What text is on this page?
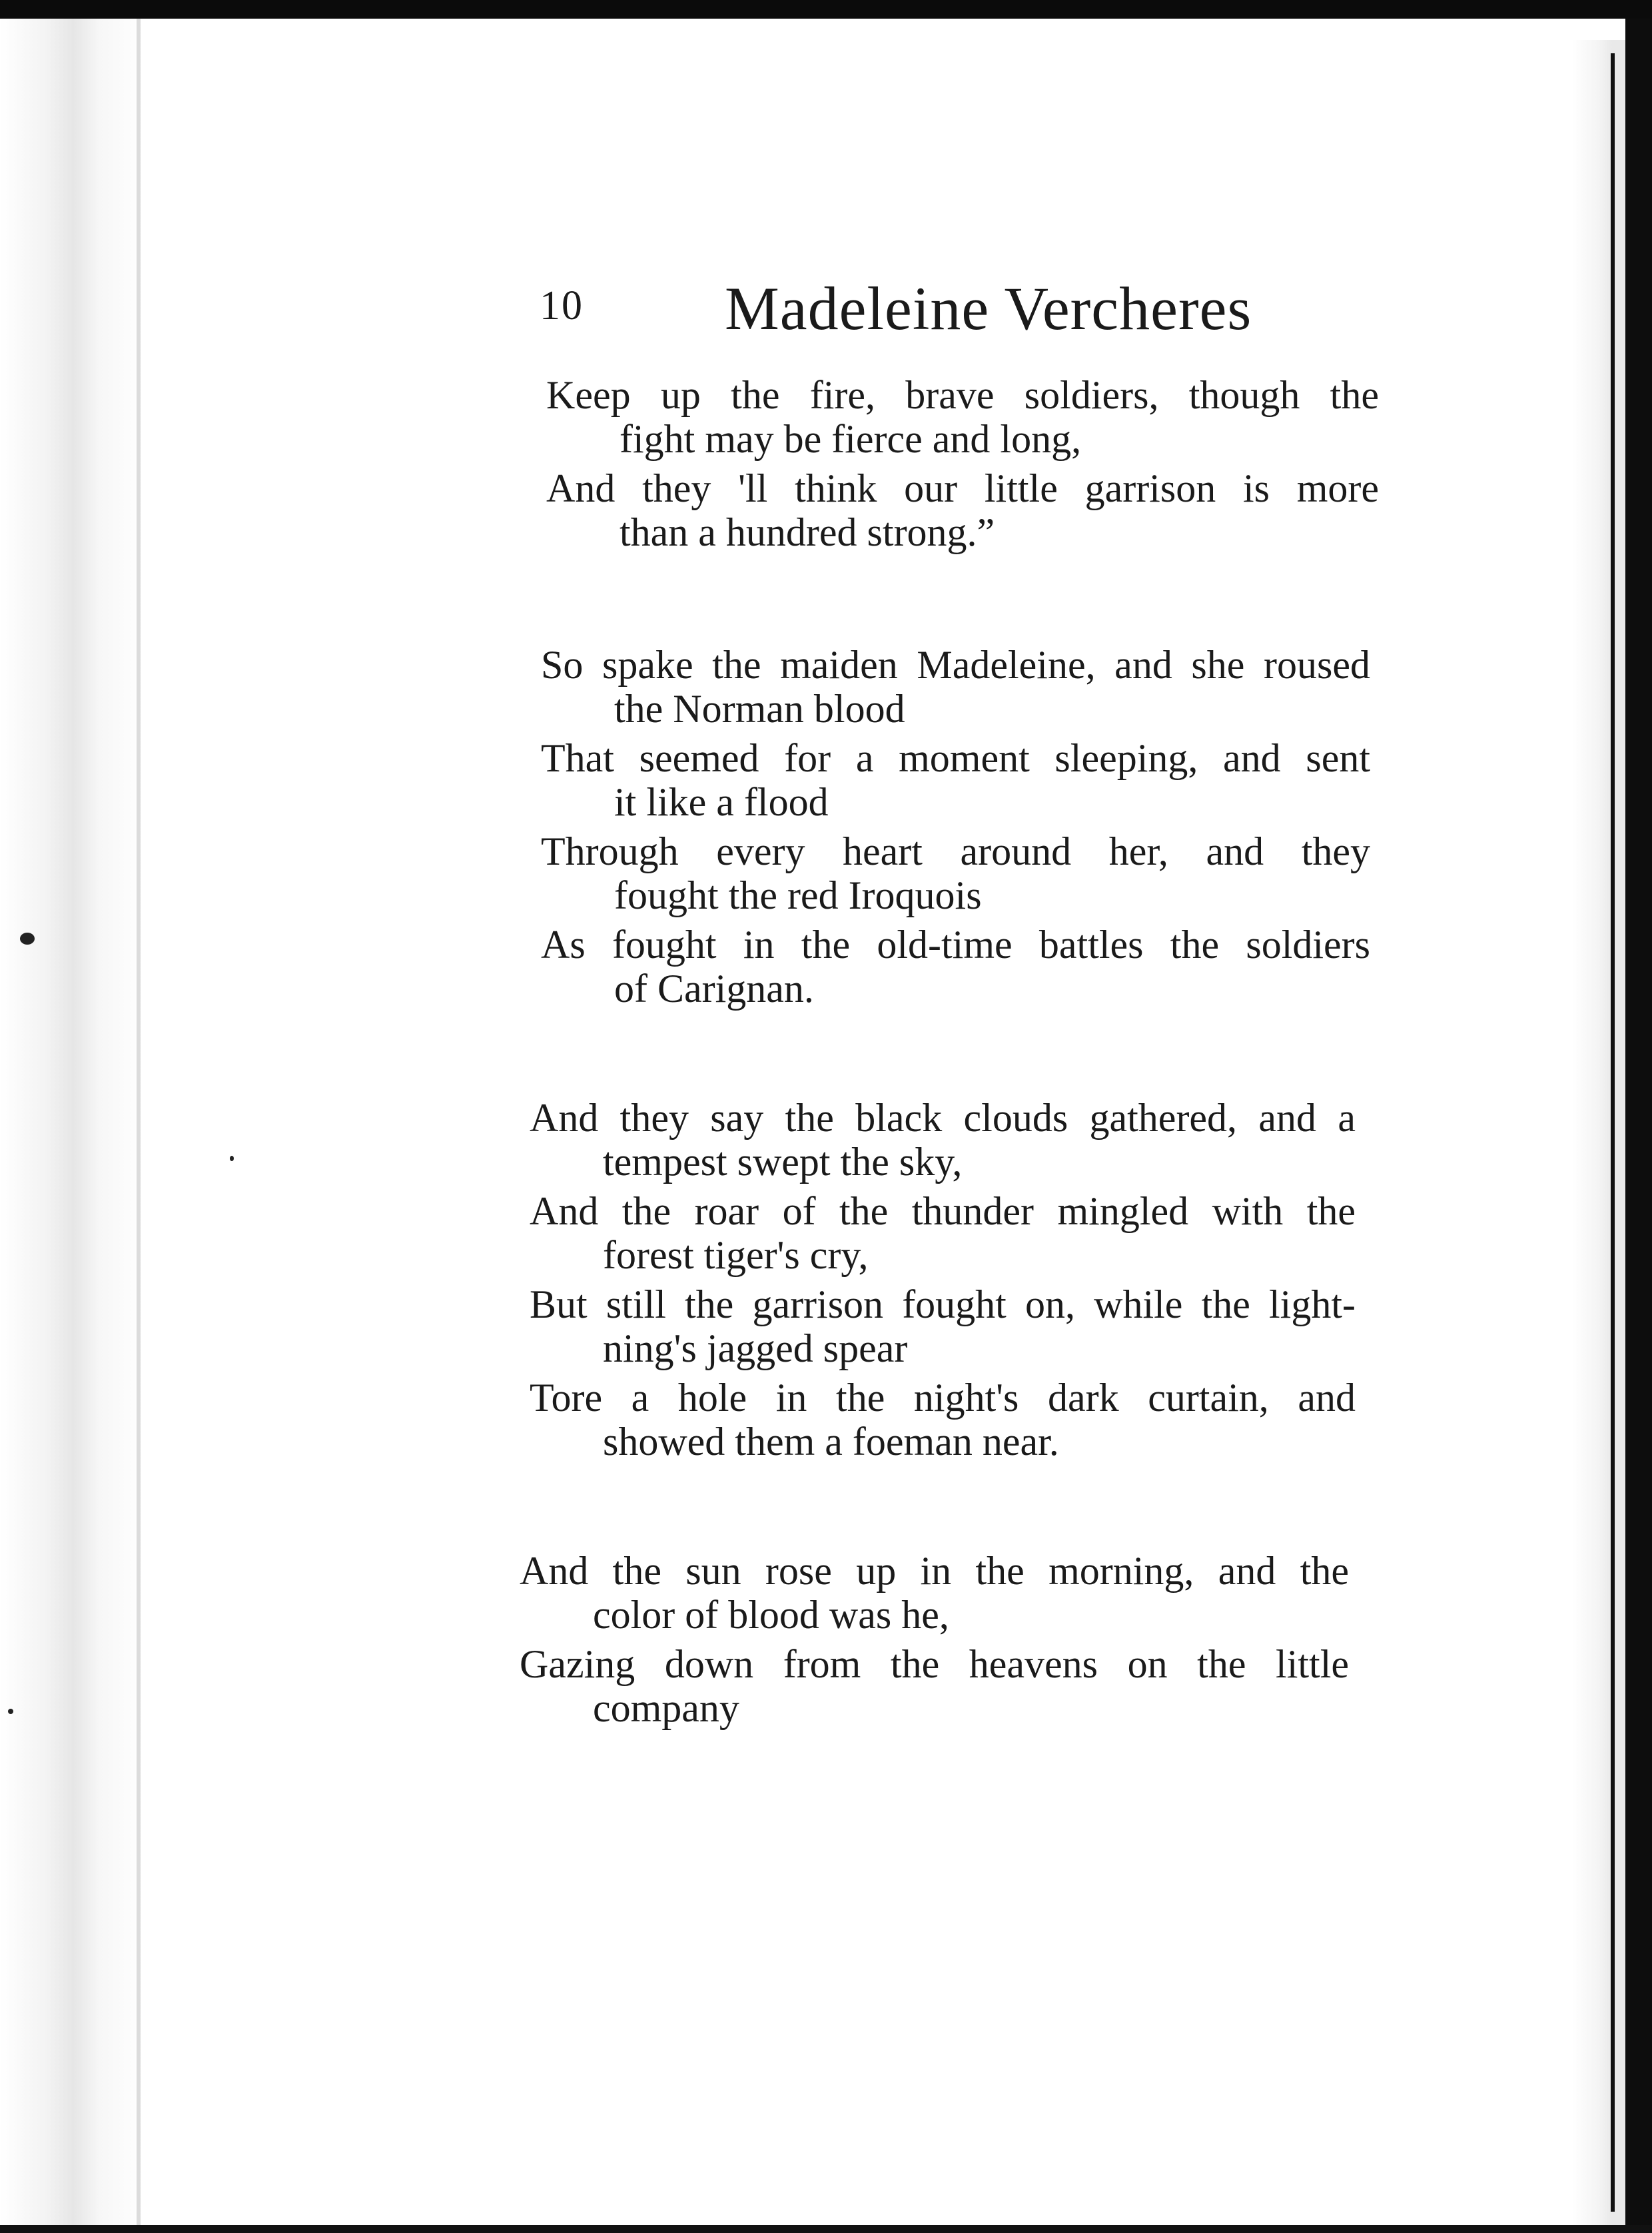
10 Madeleine Vercheres

Keep up the fire, brave soldiers, though the

fight may be fierce and long,

And they 'll think our little garrison is more

than a hundred strong.”

So spake the maiden Madeleine, and she roused

the Norman blood

That seemed for a moment sleeping, and sent

it like a flood

Through every heart around her, and they

fought the red Iroquois

As fought in the old-time battles the soldiers

of Carignan.

And they say the black clouds gathered, and a

tempest swept the sky,

And the roar of the thunder mingled with the

forest tiger's cry,

But still the garrison fought on, while the light-

ning's jagged spear

Tore a hole in the night's dark curtain, and

showed them a foeman near.

And the sun rose up in the morning, and the

color of blood was he,

Gazing down from the heavens on the little

company
